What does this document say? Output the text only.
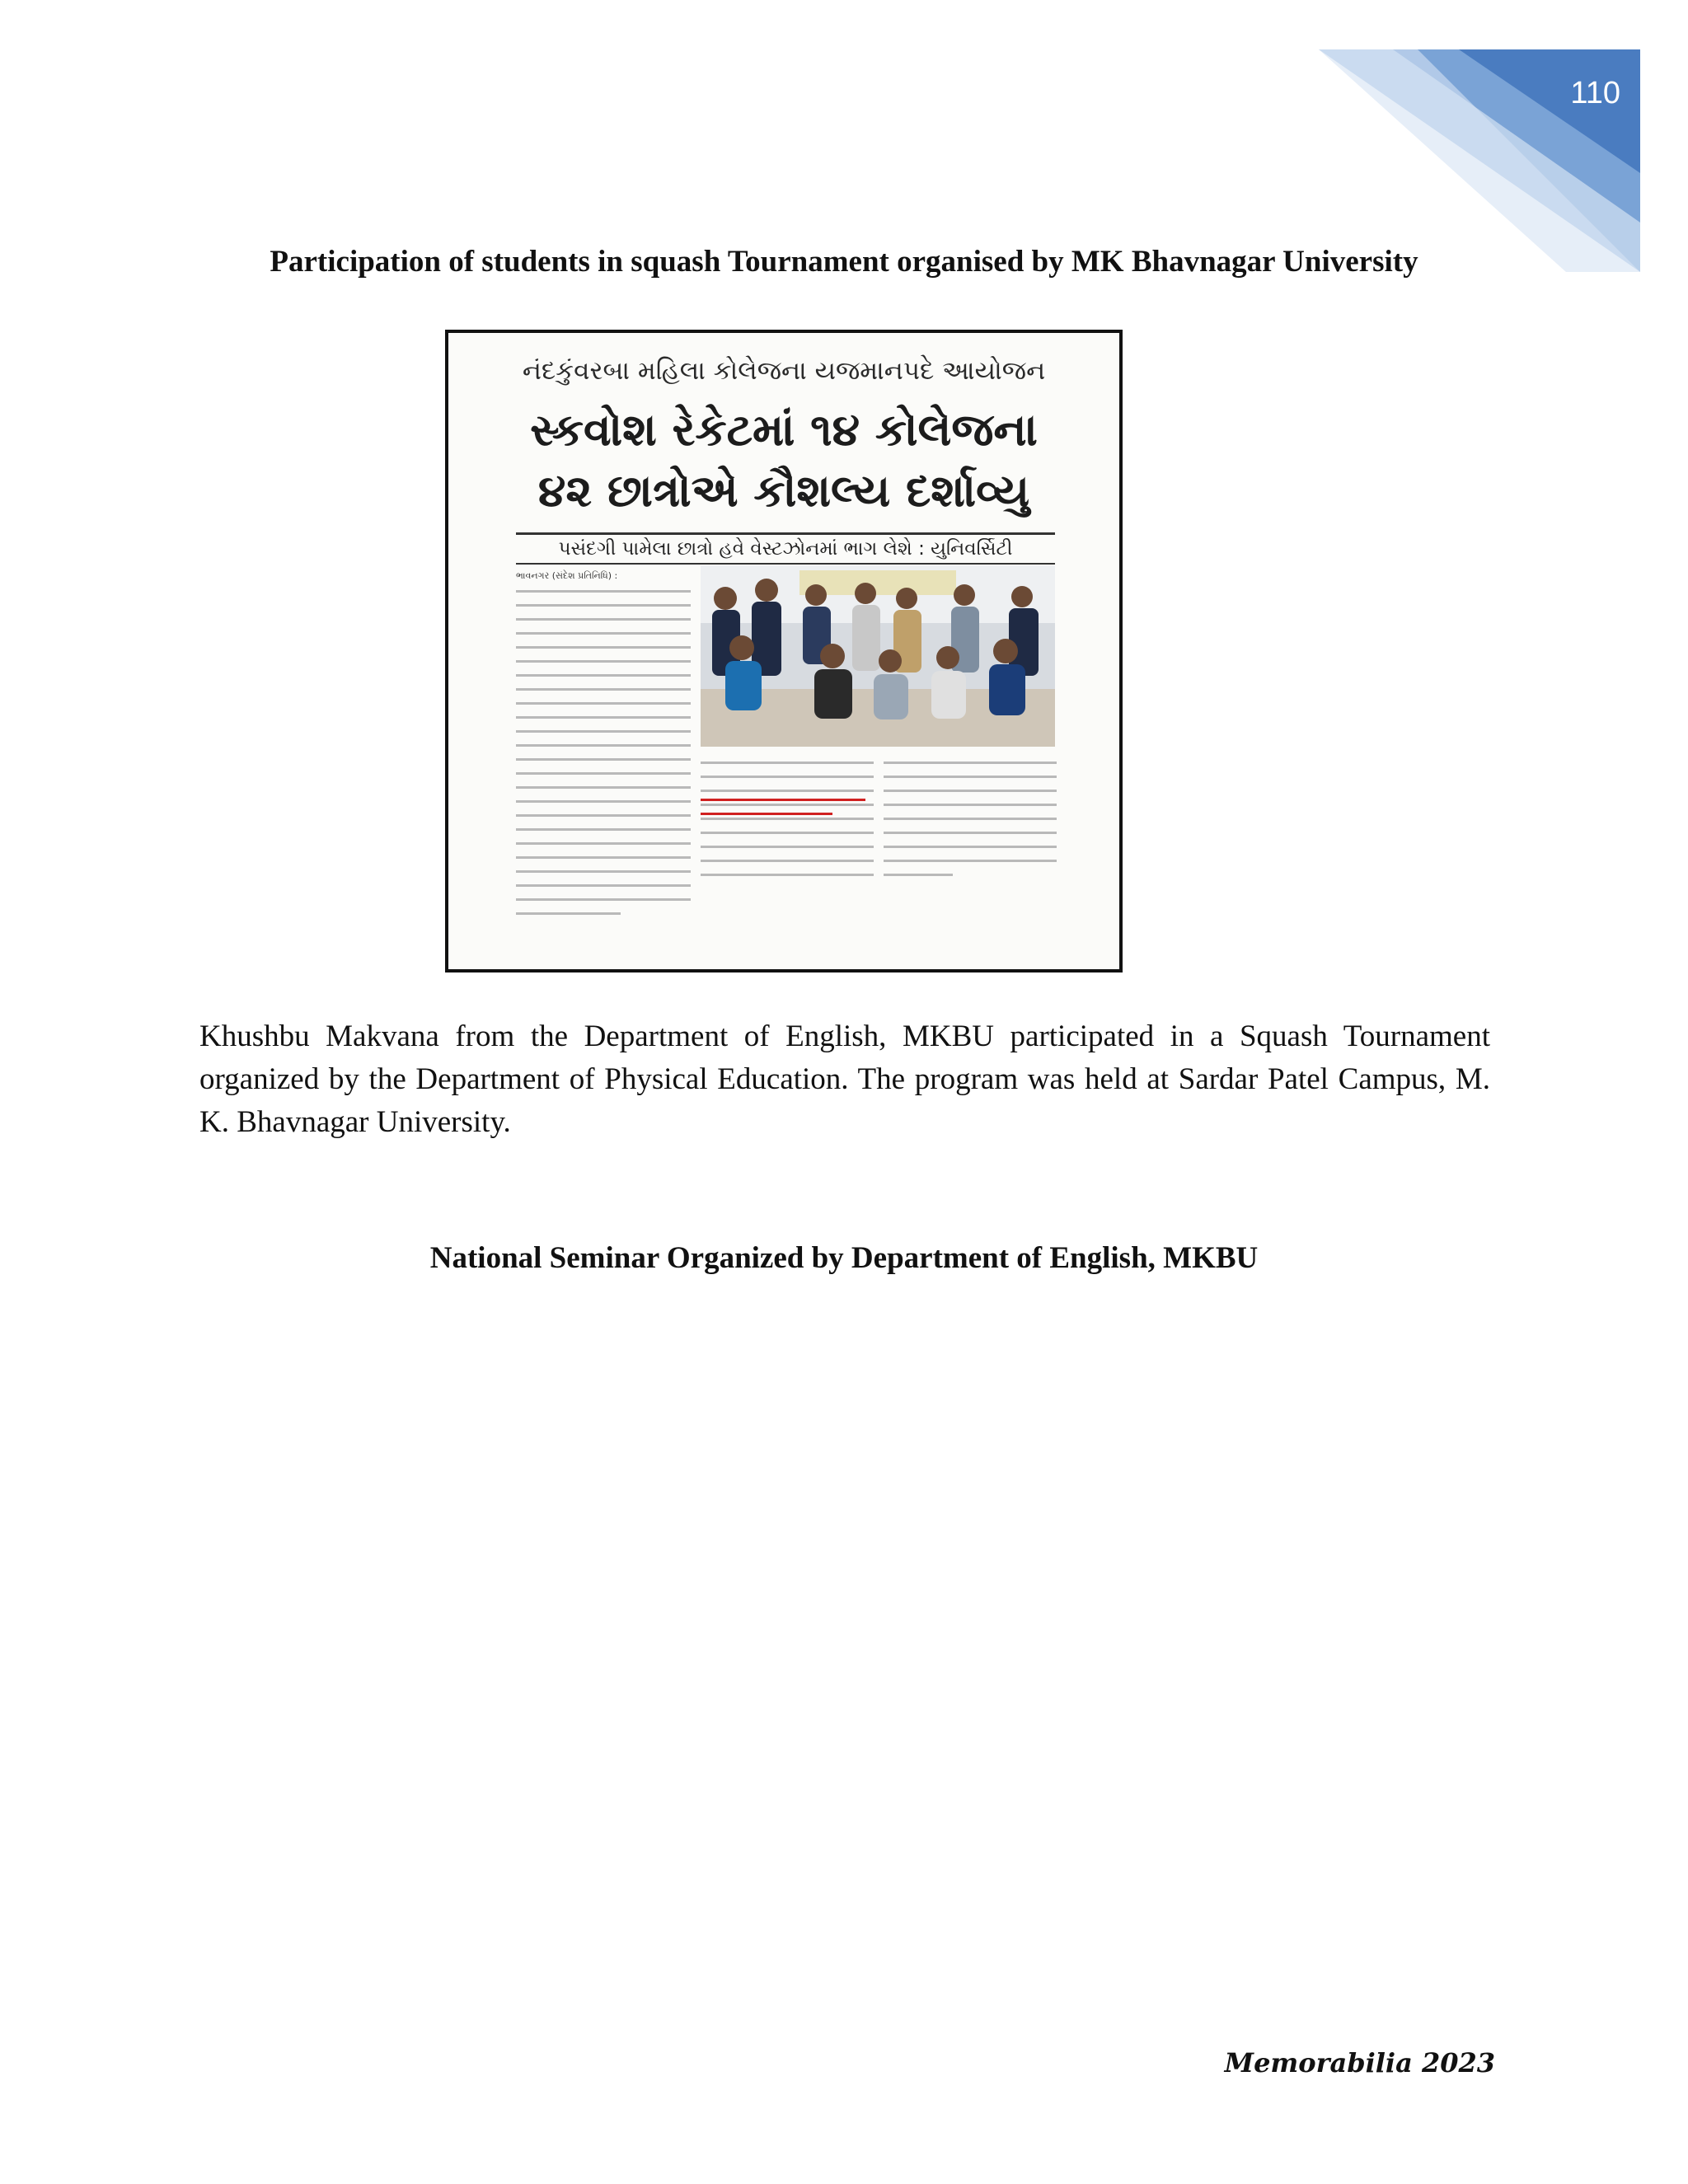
110
Participation of students in squash Tournament organised by MK Bhavnagar University
નંદકુંવરબા મહિલા કોલેજના યજમાનપદે આયોજન
સ્કવોશ રેકેટમાં ૧૪ કોલેજના
૪૨ છાત્રોએ કૌશલ્ય દર્શાવ્યુ
પસંદગી પામેલા છાત્રો હવે વેસ્ટઝોનમાં ભાગ લેશે : યુનિવર્સિટી
ભાવનગર (સંદેશ પ્રતિનિધિ) :
Khushbu Makvana from the Department of English, MKBU participated in a Squash Tournament organized by the Department of Physical Education. The program was held at Sardar Patel Campus, M. K. Bhavnagar University.
National Seminar Organized by Department of English, MKBU
Memorabilia 2023
